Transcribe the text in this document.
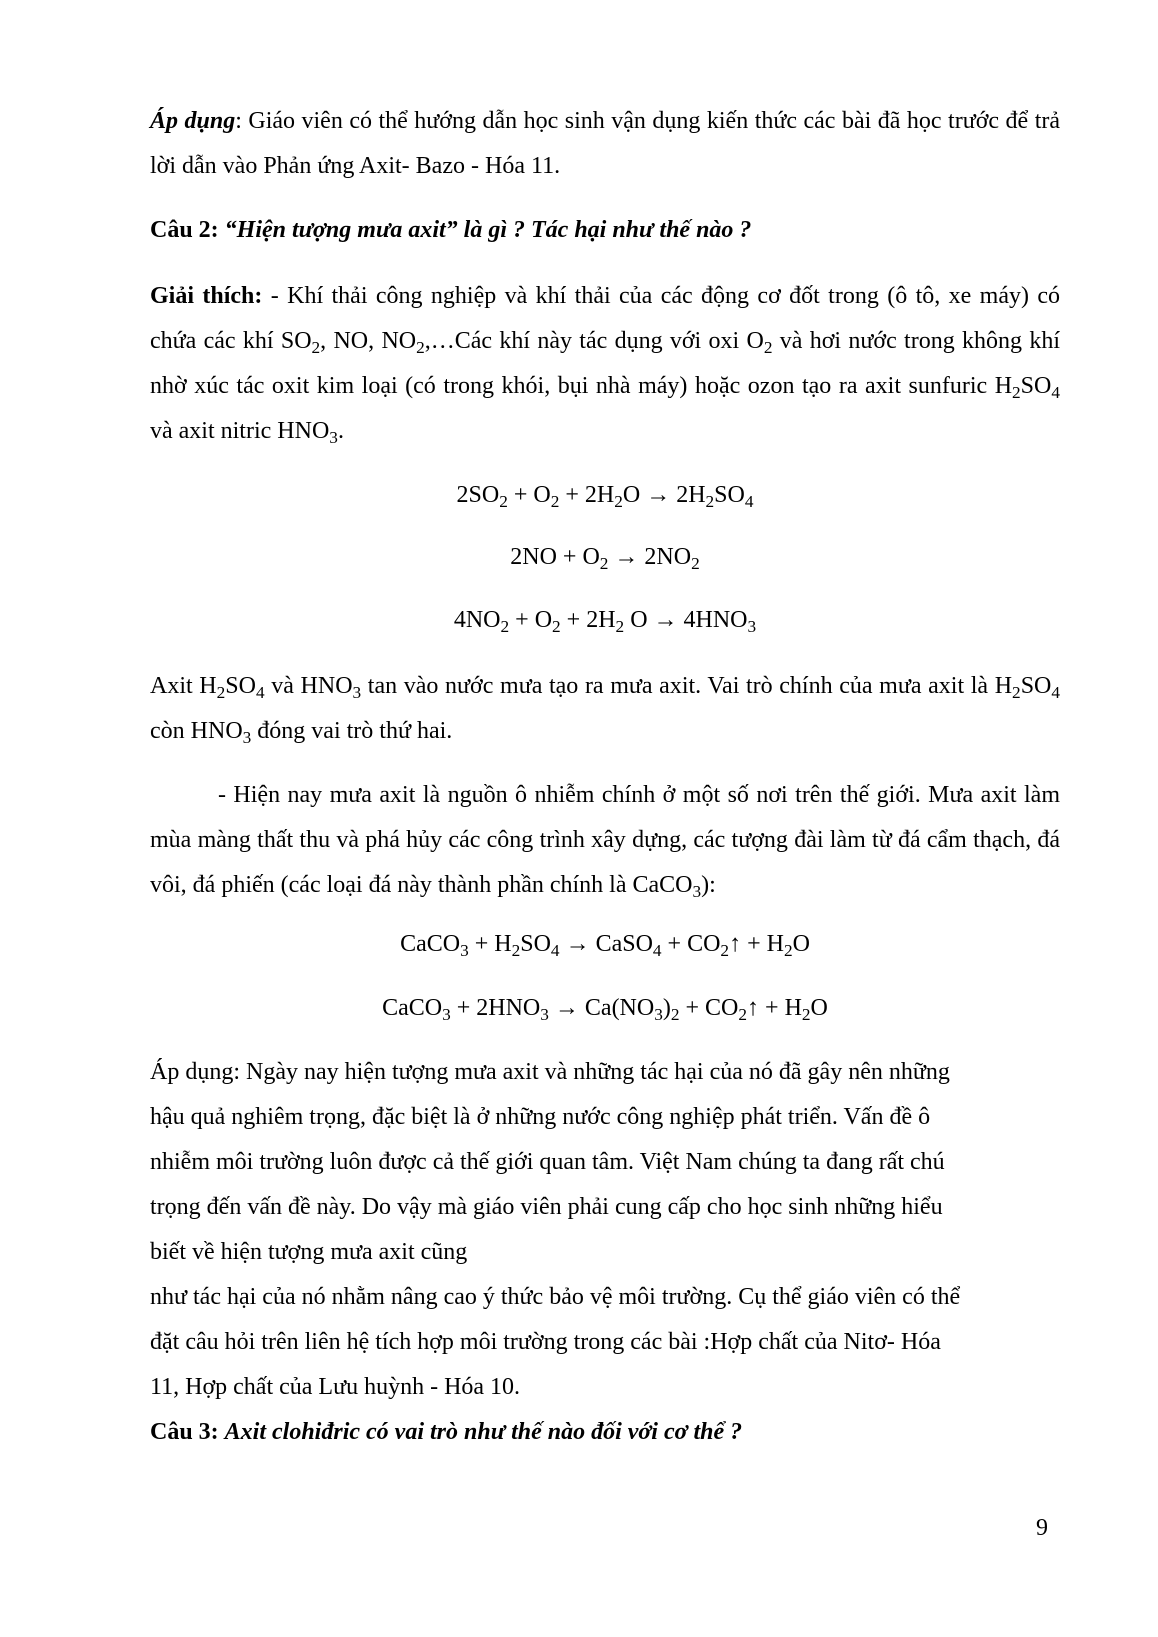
Áp dụng: Giáo viên có thể hướng dẫn học sinh vận dụng kiến thức các bài đã học trước để trả lời dẫn vào Phản ứng Axit- Bazo - Hóa 11.

Câu 2: “Hiện tượng mưa axit” là gì ? Tác hại như thế nào ?

Giải thích: - Khí thải công nghiệp và khí thải của các động cơ đốt trong (ô tô, xe máy) có chứa các khí $SO_2$, NO, $NO_2,\dots Các$ khí này tác dụng với oxi $O_2$ và hơi nước trong không khí nhờ xúc tác oxit kim loại (có trong khói, bụi nhà máy) hoặc ozon tạo ra axit sunfuric $H_2SO_4$ và axit nitric $HNO_3$.

$2SO_2 + O_2 + 2H_2O \to 2H_2SO_4$

$2NO + O_2 \to 2NO_2$

$4NO_2 + O_2 + 2H_2$ $O \to 4HNO_3$

Axit $H_2SO_4$ và $HNO_3$ tan vào nước mưa tạo ra mưa axit. Vai trò chính của mưa axit là $H_2SO_4$ còn $HNO_3$ đóng vai trò thứ hai.

- Hiện nay mưa axit là nguồn ô nhiễm chính ở một số nơi trên thế giới. Mưa axit làm mùa màng thất thu và phá hủy các công trình xây dựng, các tượng đài làm từ đá cẩm thạch, đá vôi, đá phiến (các loại đá này thành phần chính là CaCO$_3$):

CaCO$_3$ + $H_2SO_4$ → CaSO$_4$ + $CO_2↑ + H_2O$

CaCO$_3$ + $2HNO_3 \to Ca(NO_3)_2$ + $CO_2↑ + H_2O$

Áp dụng: Ngày nay hiện tượng mưa axit và những tác hại của nó đã gây nên những

hậu quả nghiêm trọng, đặc biệt là ở những nước công nghiệp phát triển. Vấn đề ô

nhiễm môi trường luôn được cả thế giới quan tâm. Việt Nam chúng ta đang rất chú

trọng đến vấn đề này. Do vậy mà giáo viên phải cung cấp cho học sinh những hiểu

biết về hiện tượng mưa axit cũng

như tác hại của nó nhằm nâng cao ý thức bảo vệ môi trường. Cụ thể giáo viên có thể

đặt câu hỏi trên liên hệ tích hợp môi trường trong các bài :Hợp chất của Nitơ- Hóa

11, Hợp chất của Lưu huỳnh - Hóa 10.

Câu 3: Axit clohiđric có vai trò như thế nào đối với cơ thể ?

9
